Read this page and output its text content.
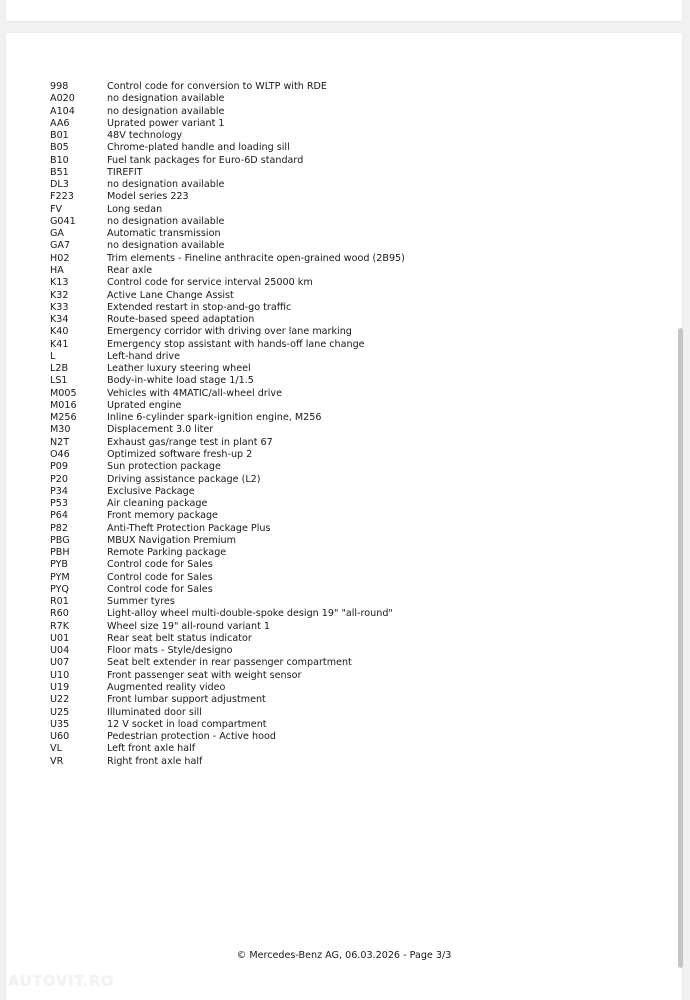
998	Control code for conversion to WLTP with RDE
A020	no designation available
A104	no designation available
AA6	Uprated power variant 1
B01	48V technology
B05	Chrome-plated handle and loading sill
B10	Fuel tank packages for Euro-6D standard
B51	TIREFIT
DL3	no designation available
F223	Model series 223
FV	Long sedan
G041	no designation available
GA	Automatic transmission
GA7	no designation available
H02	Trim elements - Fineline anthracite open-grained wood (2B95)
HA	Rear axle
K13	Control code for service interval 25000 km
K32	Active Lane Change Assist
K33	Extended restart in stop-and-go traffic
K34	Route-based speed adaptation
K40	Emergency corridor with driving over lane marking
K41	Emergency stop assistant with hands-off lane change
L	Left-hand drive
L2B	Leather luxury steering wheel
LS1	Body-in-white load stage 1/1.5
M005	Vehicles with 4MATIC/all-wheel drive
M016	Uprated engine
M256	Inline 6-cylinder spark-ignition engine, M256
M30	Displacement 3.0 liter
N2T	Exhaust gas/range test in plant 67
O46	Optimized software fresh-up 2
P09	Sun protection package
P20	Driving assistance package (L2)
P34	Exclusive Package
P53	Air cleaning package
P64	Front memory package
P82	Anti-Theft Protection Package Plus
PBG	MBUX Navigation Premium
PBH	Remote Parking package
PYB	Control code for Sales
PYM	Control code for Sales
PYQ	Control code for Sales
R01	Summer tyres
R60	Light-alloy wheel multi-double-spoke design 19" "all-round"
R7K	Wheel size 19" all-round variant 1
U01	Rear seat belt status indicator
U04	Floor mats - Style/designo
U07	Seat belt extender in rear passenger compartment
U10	Front passenger seat with weight sensor
U19	Augmented reality video
U22	Front lumbar support adjustment
U25	Illuminated door sill
U35	12 V socket in load compartment
U60	Pedestrian protection - Active hood
VL	Left front axle half
VR	Right front axle half
© Mercedes-Benz AG, 06.03.2026 - Page 3/3
AUTOVIT.RO
